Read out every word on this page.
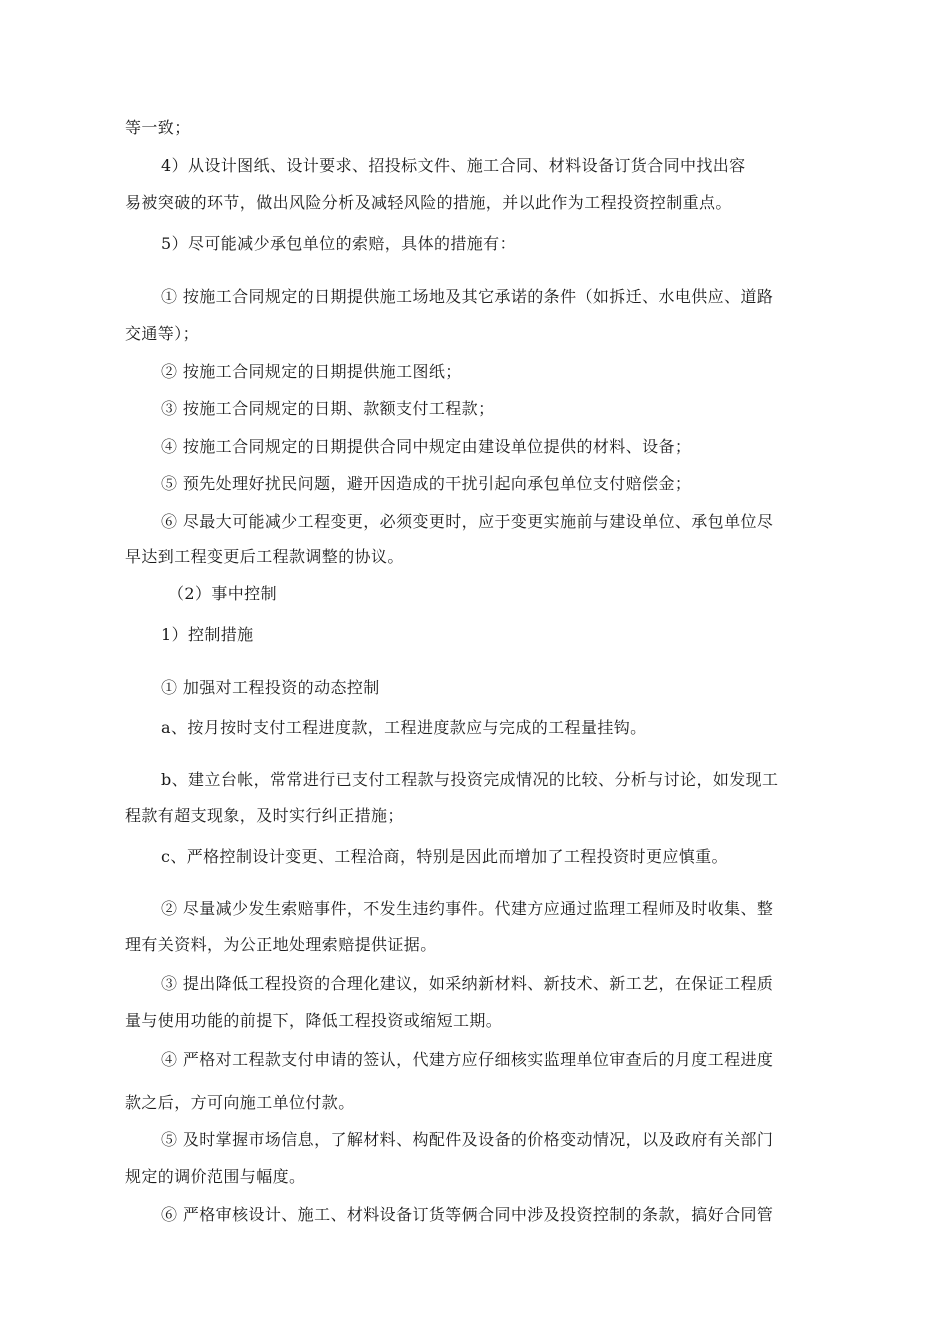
等一致；
4）从设计图纸、设计要求、招投标文件、施工合同、材料设备订货合同中找出容
易被突破的环节，做出风险分析及减轻风险的措施，并以此作为工程投资控制重点。
5）尽可能减少承包单位的索赔，具体的措施有：
① 按施工合同规定的日期提供施工场地及其它承诺的条件（如拆迁、水电供应、道路
交通等）；
② 按施工合同规定的日期提供施工图纸；
③ 按施工合同规定的日期、款额支付工程款；
④ 按施工合同规定的日期提供合同中规定由建设单位提供的材料、设备；
⑤ 预先处理好扰民问题，避开因造成的干扰引起向承包单位支付赔偿金；
⑥ 尽最大可能减少工程变更，必须变更时，应于变更实施前与建设单位、承包单位尽
早达到工程变更后工程款调整的协议。
（2）事中控制
1）控制措施
① 加强对工程投资的动态控制
a、按月按时支付工程进度款，工程进度款应与完成的工程量挂钩。
b、建立台帐，常常进行已支付工程款与投资完成情况的比较、分析与讨论，如发现工
程款有超支现象，及时实行纠正措施；
c、严格控制设计变更、工程洽商，特别是因此而增加了工程投资时更应慎重。
② 尽量减少发生索赔事件，不发生违约事件。代建方应通过监理工程师及时收集、整
理有关资料，为公正地处理索赔提供证据。
③ 提出降低工程投资的合理化建议，如采纳新材料、新技术、新工艺，在保证工程质
量与使用功能的前提下，降低工程投资或缩短工期。
④ 严格对工程款支付申请的签认，代建方应仔细核实监理单位审查后的月度工程进度
款之后，方可向施工单位付款。
⑤ 及时掌握市场信息，了解材料、构配件及设备的价格变动情况，以及政府有关部门
规定的调价范围与幅度。
⑥ 严格审核设计、施工、材料设备订货等俩合同中涉及投资控制的条款，搞好合同管
